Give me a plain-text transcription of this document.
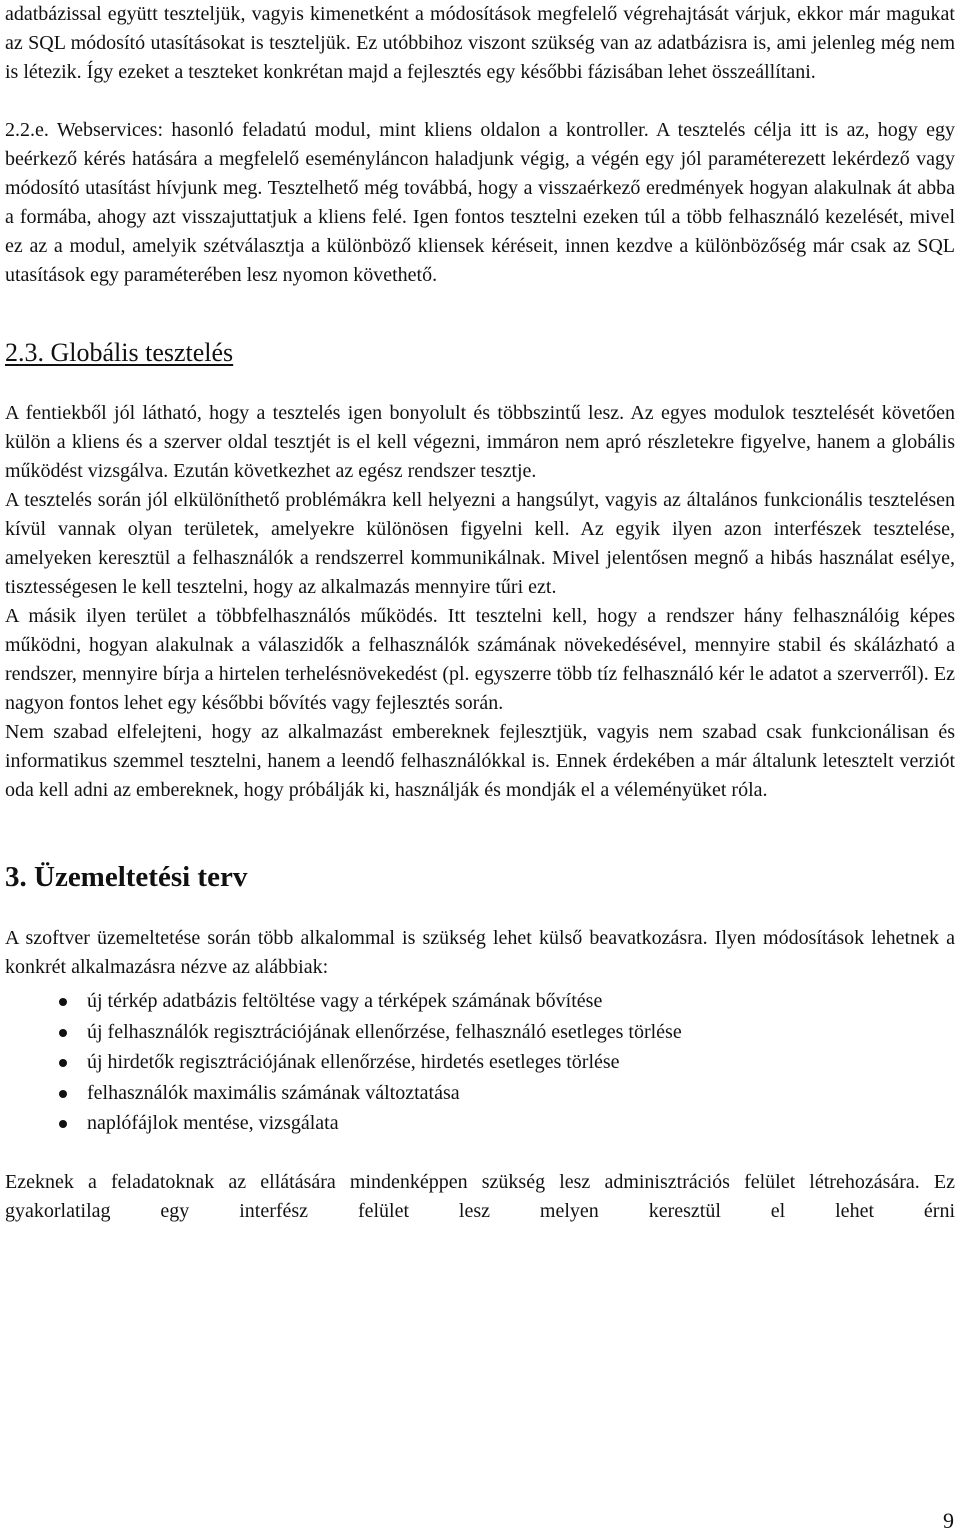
adatbázissal együtt teszteljük, vagyis kimenetként a módosítások megfelelő végrehajtását várjuk, ekkor már magukat az SQL módosító utasításokat is teszteljük. Ez utóbbihoz viszont szükség van az adatbázisra is, ami jelenleg még nem is létezik. Így ezeket a teszteket konkrétan majd a fejlesztés egy későbbi fázisában lehet összeállítani.

2.2.e. Webservices: hasonló feladatú modul, mint kliens oldalon a kontroller. A tesztelés célja itt is az, hogy egy beérkező kérés hatására a megfelelő eseményláncon haladjunk végig, a végén egy jól paraméterezett lekérdező vagy módosító utasítást hívjunk meg. Tesztelhető még továbbá, hogy a visszaérkező eredmények hogyan alakulnak át abba a formába, ahogy azt visszajuttatjuk a kliens felé. Igen fontos tesztelni ezeken túl a több felhasználó kezelését, mivel ez az a modul, amelyik szétválasztja a különböző kliensek kéréseit, innen kezdve a különbözőség már csak az SQL utasítások egy paraméterében lesz nyomon követhető.

2.3. Globális tesztelés

A fentiekből jól látható, hogy a tesztelés igen bonyolult és többszintű lesz. Az egyes modulok tesztelését követően külön a kliens és a szerver oldal tesztjét is el kell végezni, immáron nem apró részletekre figyelve, hanem a globális működést vizsgálva. Ezután következhet az egész rendszer tesztje.

A tesztelés során jól elkülöníthető problémákra kell helyezni a hangsúlyt, vagyis az általános funkcionális tesztelésen kívül vannak olyan területek, amelyekre különösen figyelni kell. Az egyik ilyen azon interfészek tesztelése, amelyeken keresztül a felhasználók a rendszerrel kommunikálnak. Mivel jelentősen megnő a hibás használat esélye, tisztességesen le kell tesztelni, hogy az alkalmazás mennyire tűri ezt.

A másik ilyen terület a többfelhasználós működés. Itt tesztelni kell, hogy a rendszer hány felhasználóig képes működni, hogyan alakulnak a válaszidők a felhasználók számának növekedésével, mennyire stabil és skálázható a rendszer, mennyire bírja a hirtelen terhelésnövekedést (pl. egyszerre több tíz felhasználó kér le adatot a szerverről). Ez nagyon fontos lehet egy későbbi bővítés vagy fejlesztés során.

Nem szabad elfelejteni, hogy az alkalmazást embereknek fejlesztjük, vagyis nem szabad csak funkcionálisan és informatikus szemmel tesztelni, hanem a leendő felhasználókkal is. Ennek érdekében a már általunk letesztelt verziót oda kell adni az embereknek, hogy próbálják ki, használják és mondják el a véleményüket róla.

3. Üzemeltetési terv

A szoftver üzemeltetése során több alkalommal is szükség lehet külső beavatkozásra. Ilyen módosítások lehetnek a konkrét alkalmazásra nézve az alábbiak:

új térkép adatbázis feltöltése vagy a térképek számának bővítése
új felhasználók regisztrációjának ellenőrzése, felhasználó esetleges törlése
új hirdetők regisztrációjának ellenőrzése, hirdetés esetleges törlése
felhasználók maximális számának változtatása
naplófájlok mentése, vizsgálata

Ezeknek a feladatoknak az ellátására mindenképpen szükség lesz adminisztrációs felület létrehozására. Ez gyakorlatilag egy interfész felület lesz melyen keresztül el lehet érni

9
